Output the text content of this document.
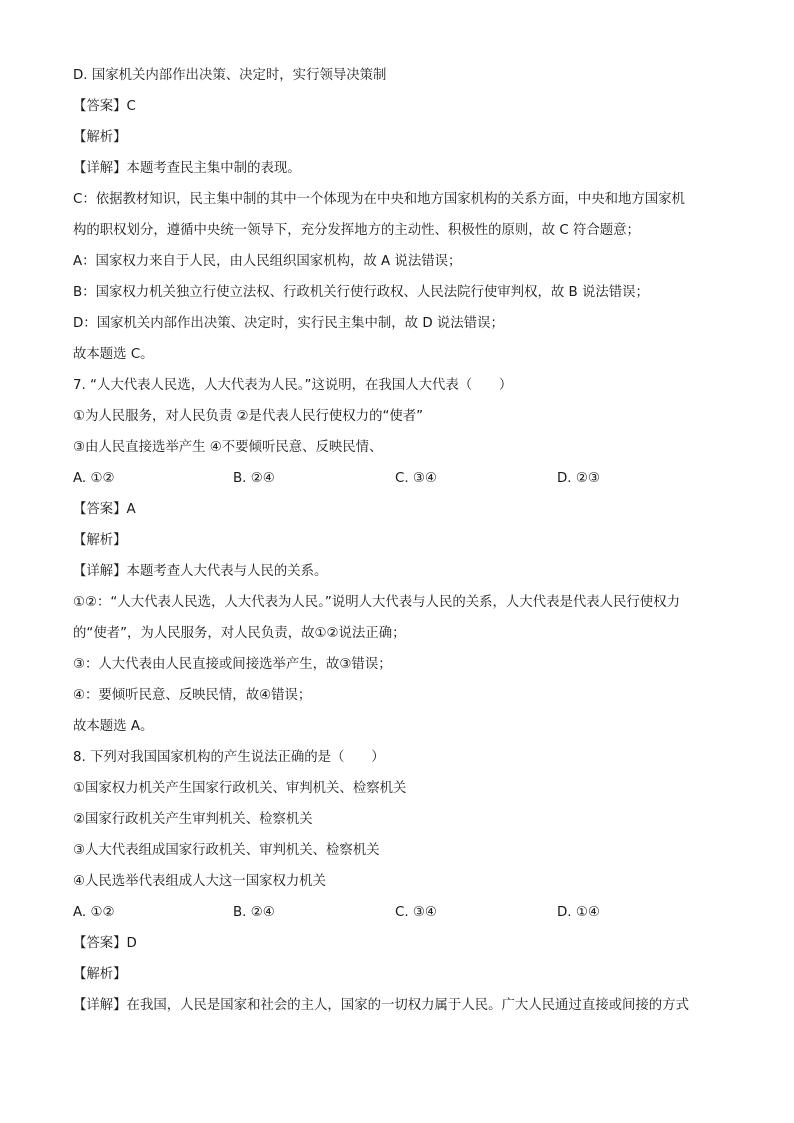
D. 国家机关内部作出决策、决定时，实行领导决策制
【答案】C
【解析】
【详解】本题考查民主集中制的表现。
C：依据教材知识，民主集中制的其中一个体现为在中央和地方国家机构的关系方面，中央和地方国家机
构的职权划分，遵循中央统一领导下，充分发挥地方的主动性、积极性的原则，故 C 符合题意；
A：国家权力来自于人民，由人民组织国家机构，故 A 说法错误；
B：国家权力机关独立行使立法权、行政机关行使行政权、人民法院行使审判权，故 B 说法错误；
D：国家机关内部作出决策、决定时，实行民主集中制，故 D 说法错误；
故本题选 C。
7. “人大代表人民选，人大代表为人民。”这说明，在我国人大代表（　　）
①为人民服务，对人民负责 ②是代表人民行使权力的“使者”
③由人民直接选举产生 ④不要倾听民意、反映民情、
A. ①②	B. ②④	C. ③④	D. ②③
【答案】A
【解析】
【详解】本题考查人大代表与人民的关系。
①②：“人大代表人民选，人大代表为人民。”说明人大代表与人民的关系，人大代表是代表人民行使权力
的“使者”，为人民服务，对人民负责，故①②说法正确；
③：人大代表由人民直接或间接选举产生，故③错误；
④：要倾听民意、反映民情，故④错误；
故本题选 A。
8. 下列对我国国家机构的产生说法正确的是（　　）
①国家权力机关产生国家行政机关、审判机关、检察机关
②国家行政机关产生审判机关、检察机关
③人大代表组成国家行政机关、审判机关、检察机关
④人民选举代表组成人大这一国家权力机关
A. ①②	B. ②④	C. ③④	D. ①④
【答案】D
【解析】
【详解】在我国，人民是国家和社会的主人，国家的一切权力属于人民。广大人民通过直接或间接的方式
